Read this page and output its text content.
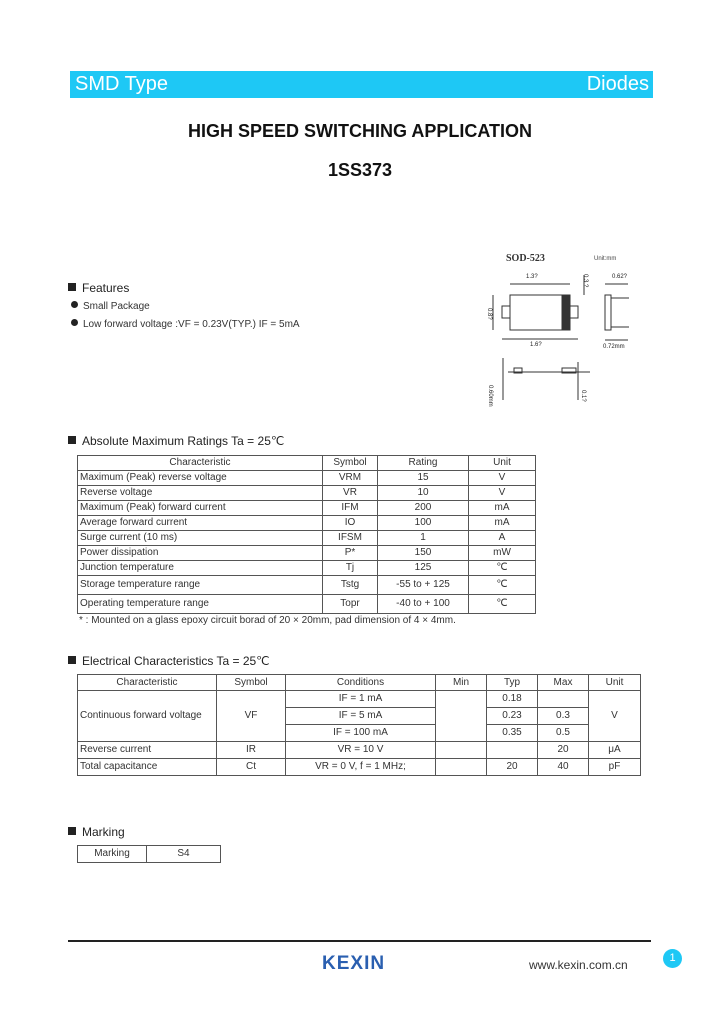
SMD Type	Diodes
HIGH SPEED SWITCHING APPLICATION
1SS373
SOD-523	Unit:mm
1.3?	0.3 ?	0.62?
0.8?
1.6?	0.72mm
0.60mm	0.1?
Features
Small Package
Low forward voltage :VF = 0.23V(TYP.) IF = 5mA
Absolute Maximum Ratings Ta = 25℃
Characteristic	Symbol	Rating	Unit
Maximum (Peak) reverse voltage	VRM	15	V
Reverse voltage	VR	10	V
Maximum (Peak) forward current	IFM	200	mA
Average forward current	IO	100	mA
Surge current (10 ms)	IFSM	1	A
Power dissipation	P*	150	mW
Junction temperature	Tj	125	℃
Storage temperature range	Tstg	-55 to + 125	℃
Operating temperature range	Topr	-40 to + 100	℃
* : Mounted on a glass epoxy circuit borad of 20 × 20mm, pad dimension of 4 × 4mm.
Electrical Characteristics Ta = 25℃
Characteristic	Symbol	Conditions	Min	Typ	Max	Unit
Continuous forward voltage	VF	IF = 1 mA		0.18		V
		IF = 5 mA		0.23	0.3	
		IF = 100 mA		0.35	0.5	
Reverse current	IR	VR = 10 V			20	μA
Total capacitance	Ct	VR = 0 V, f = 1 MHz;		20	40	pF
Marking
Marking	S4
KEXIN	www.kexin.com.cn	1
